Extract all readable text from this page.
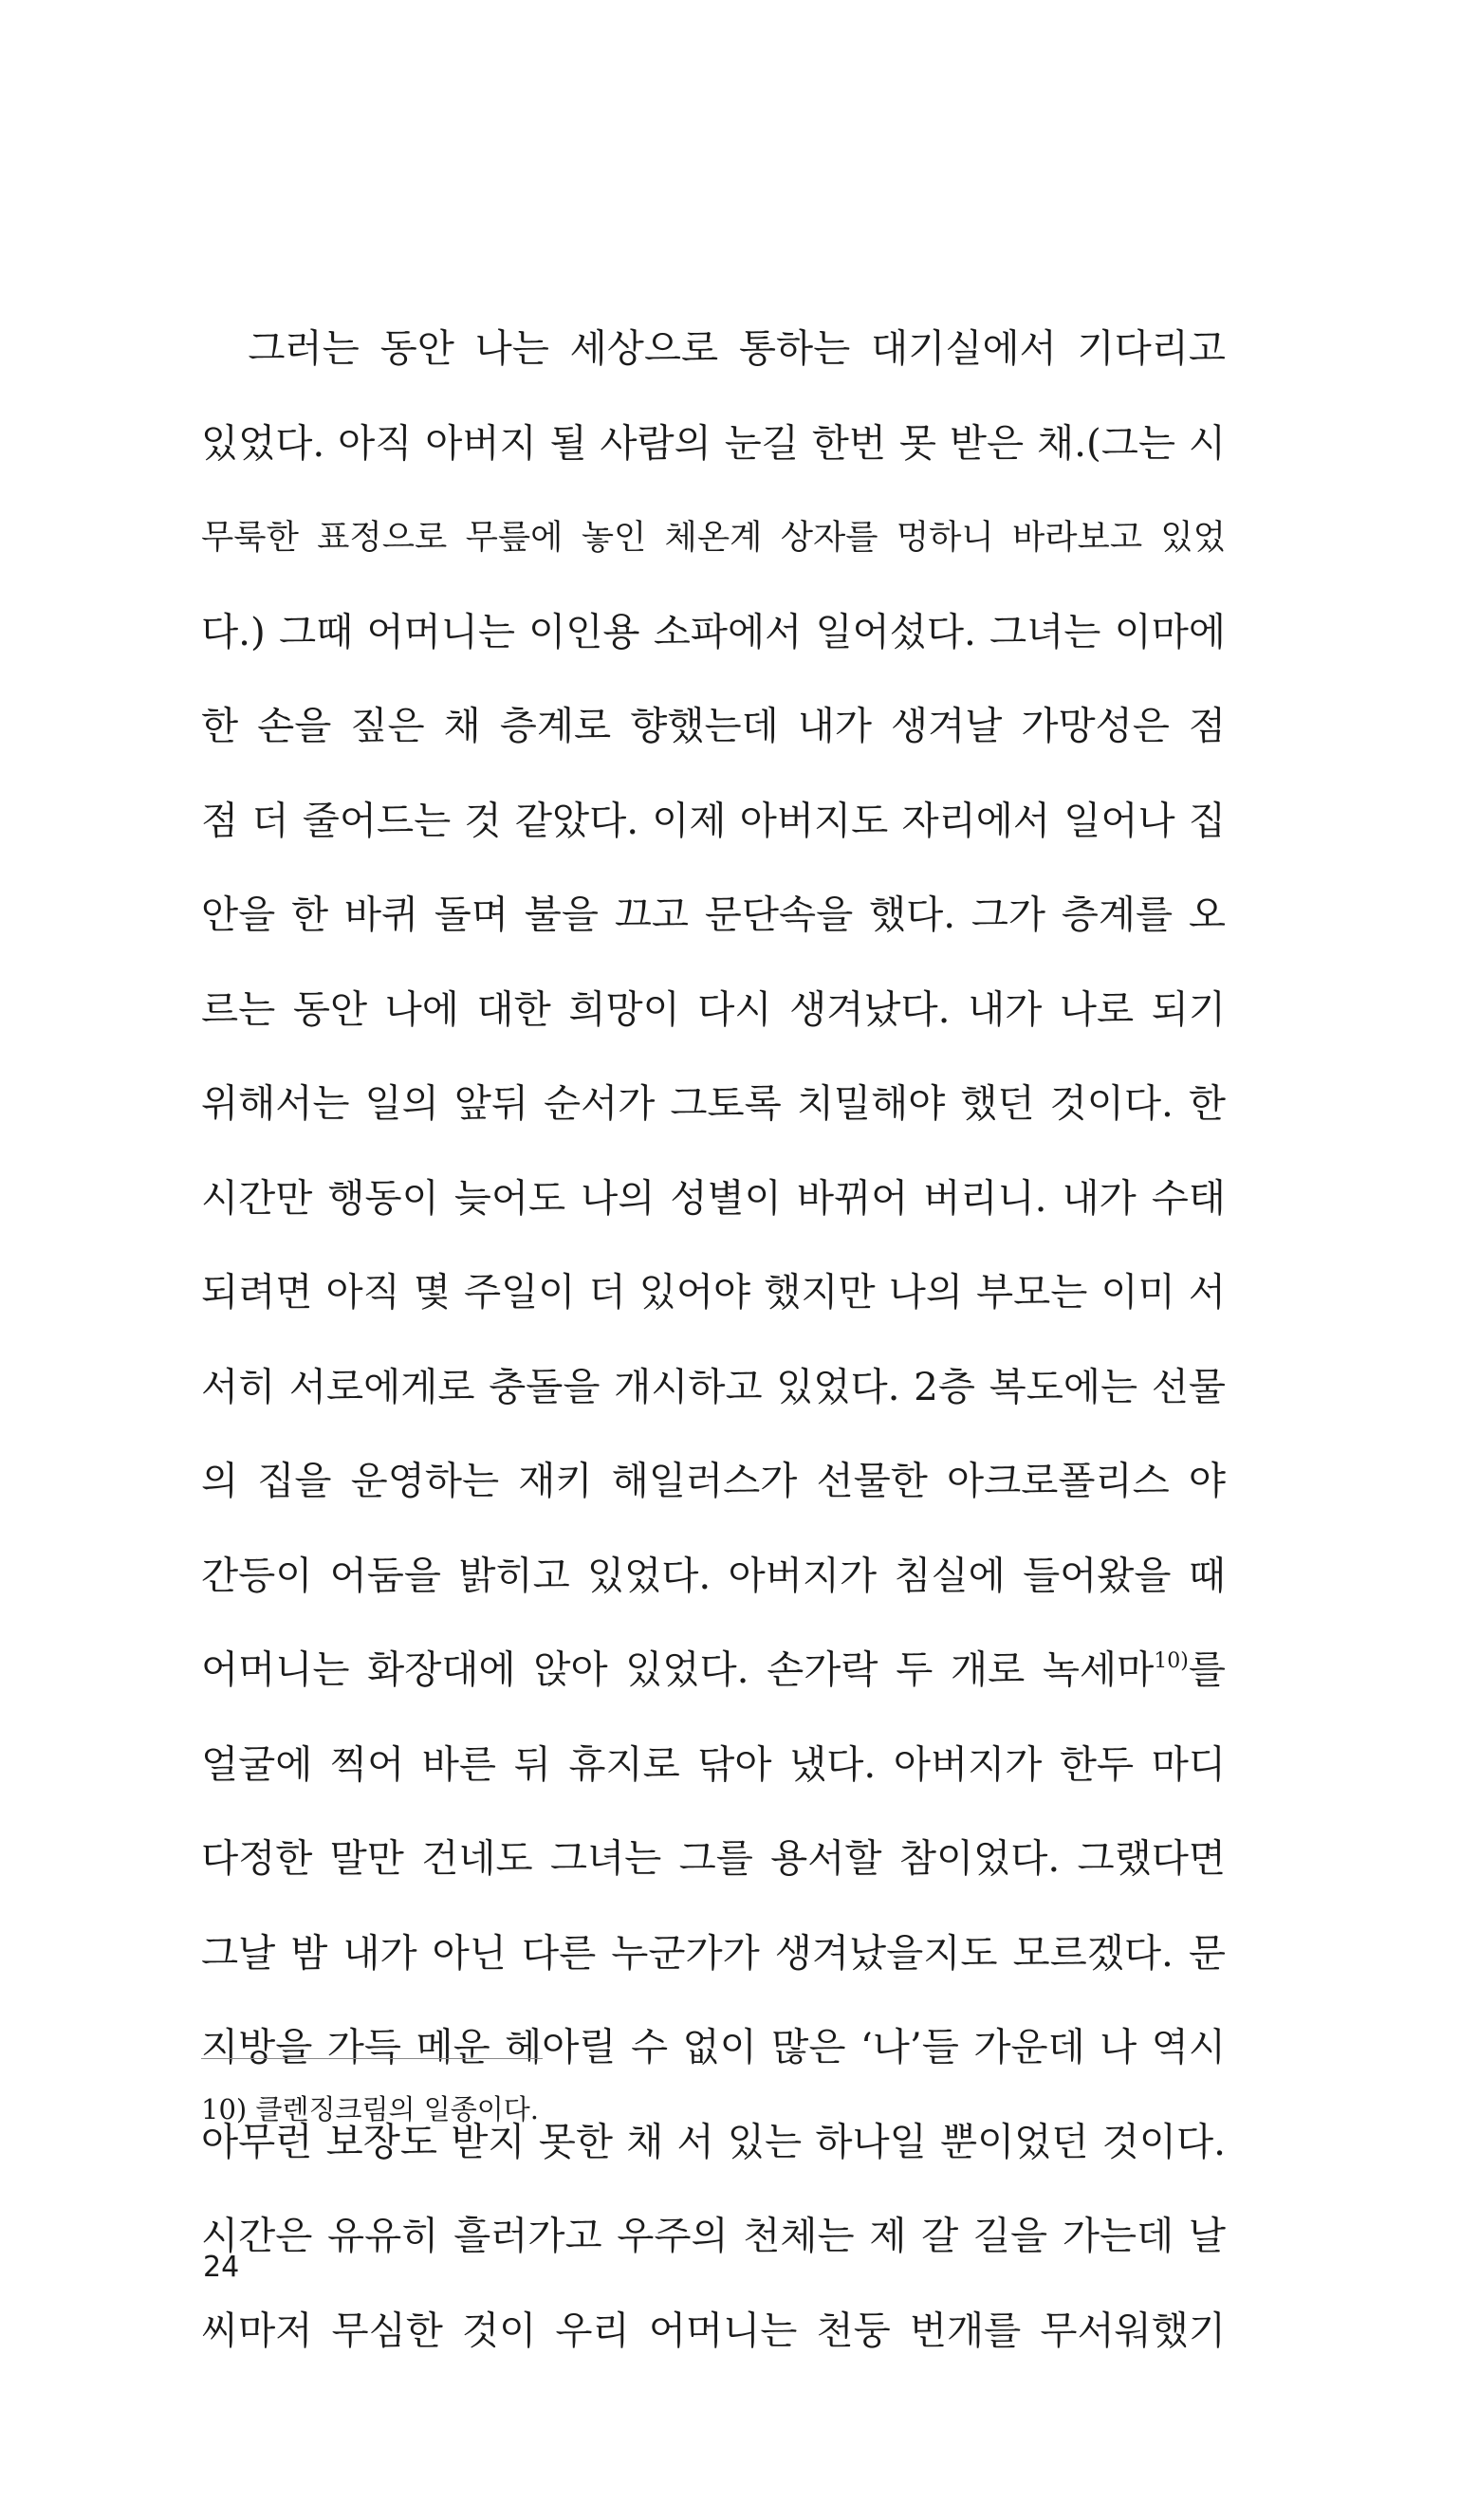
　그러는 동안 나는 세상으로 통하는 대기실에서 기다리고
있었다. 아직 아버지 될 사람의 눈길 한번 못 받은 채.(그는 시
무룩한 표정으로 무릎에 놓인 체온계 상자를 멍하니 바라보고 있었
다.) 그때 어머니는 이인용 소파에서 일어섰다. 그녀는 이마에
한 손을 짚은 채 층계로 향했는데 내가 생겨날 가망성은 점
점 더 줄어드는 것 같았다. 이제 아버지도 자리에서 일어나 집
안을 한 바퀴 돌며 불을 끄고 문단속을 했다. 그가 층계를 오
르는 동안 나에 대한 희망이 다시 생겨났다. 내가 나로 되기
위해서는 일의 앞뒤 순서가 그토록 치밀해야 했던 것이다. 한
시간만 행동이 늦어도 나의 성별이 바뀌어 버리니. 내가 수태
되려면 아직 몇 주일이 더 있어야 했지만 나의 부모는 이미 서
서히 서로에게로 충돌을 개시하고 있었다. 2층 복도에는 선물
의 집을 운영하는 재키 해일러스가 선물한 아크로폴리스 야
간등이 어둠을 밝히고 있었다. 아버지가 침실에 들어왔을 때
어머니는 화장대에 앉아 있었다. 손가락 두 개로 녹세마$^{10)}$를
얼굴에 찍어 바른 뒤 휴지로 닦아 냈다. 아버지가 한두 마디
다정한 말만 건네도 그녀는 그를 용서할 참이었다. 그랬다면
그날 밤 내가 아닌 다른 누군가가 생겨났을지도 모르겠다. 문
지방을 가득 메운 헤아릴 수 없이 많은 ‘나’들 가운데 나 역시
아무런 보장도 받지 못한 채 서 있는 하나일 뿐이었던 것이다.
시간은 유유히 흘러가고 우주의 천체는 제 갈 길을 가는데 날
씨마저 무심한 것이 우리 어머니는 천둥 번개를 무서워했기
10) 클렌징크림의 일종이다.
24
